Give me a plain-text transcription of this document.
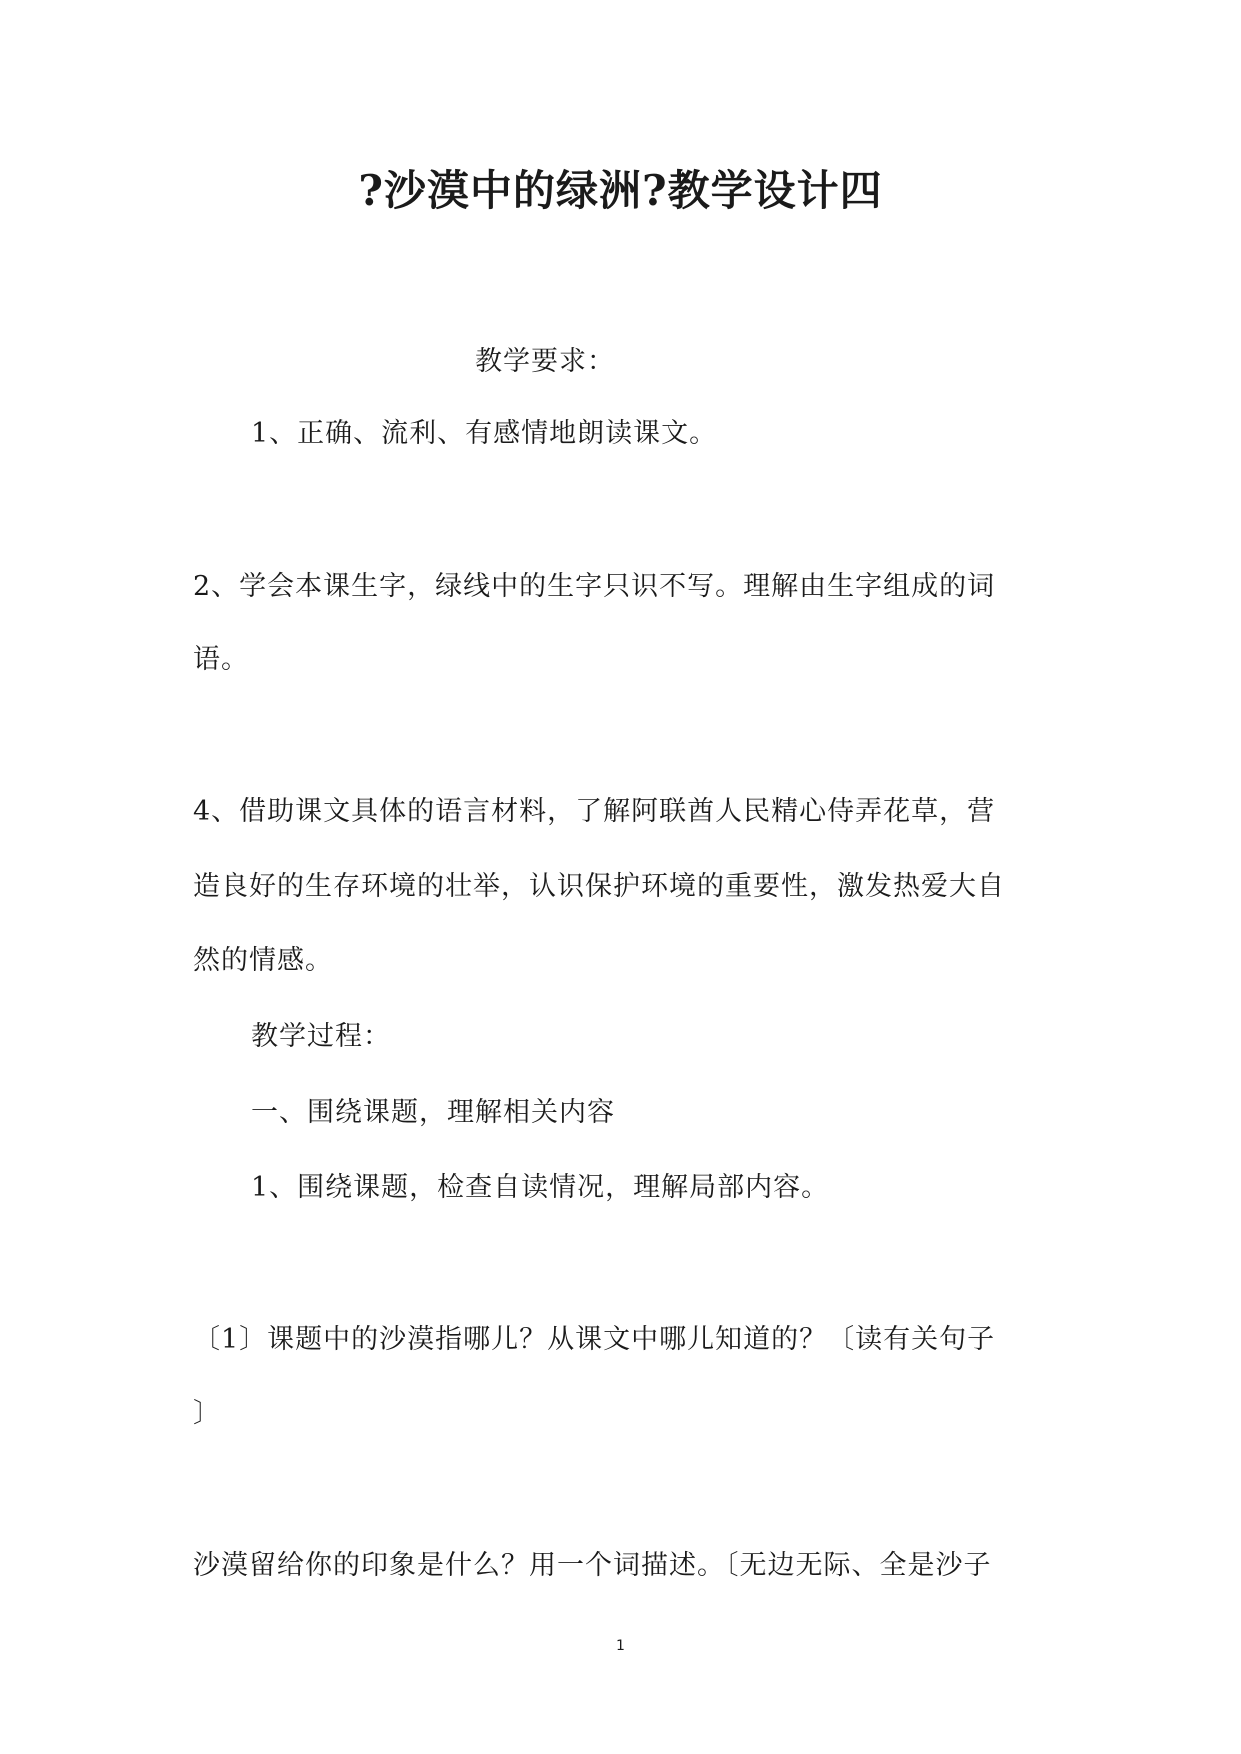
?沙漠中的绿洲?教学设计四
教学要求：
1、正确、流利、有感情地朗读课文。
2、学会本课生字，绿线中的生字只识不写。理解由生字组成的词
语。
4、借助课文具体的语言材料，了解阿联酋人民精心侍弄花草，营
造良好的生存环境的壮举，认识保护环境的重要性，激发热爱大自
然的情感。
教学过程：
一、围绕课题，理解相关内容
1、围绕课题，检查自读情况，理解局部内容。
〔1〕课题中的沙漠指哪儿？从课文中哪儿知道的？〔读有关句子
〕
沙漠留给你的印象是什么？用一个词描述。〔无边无际、全是沙子
1
